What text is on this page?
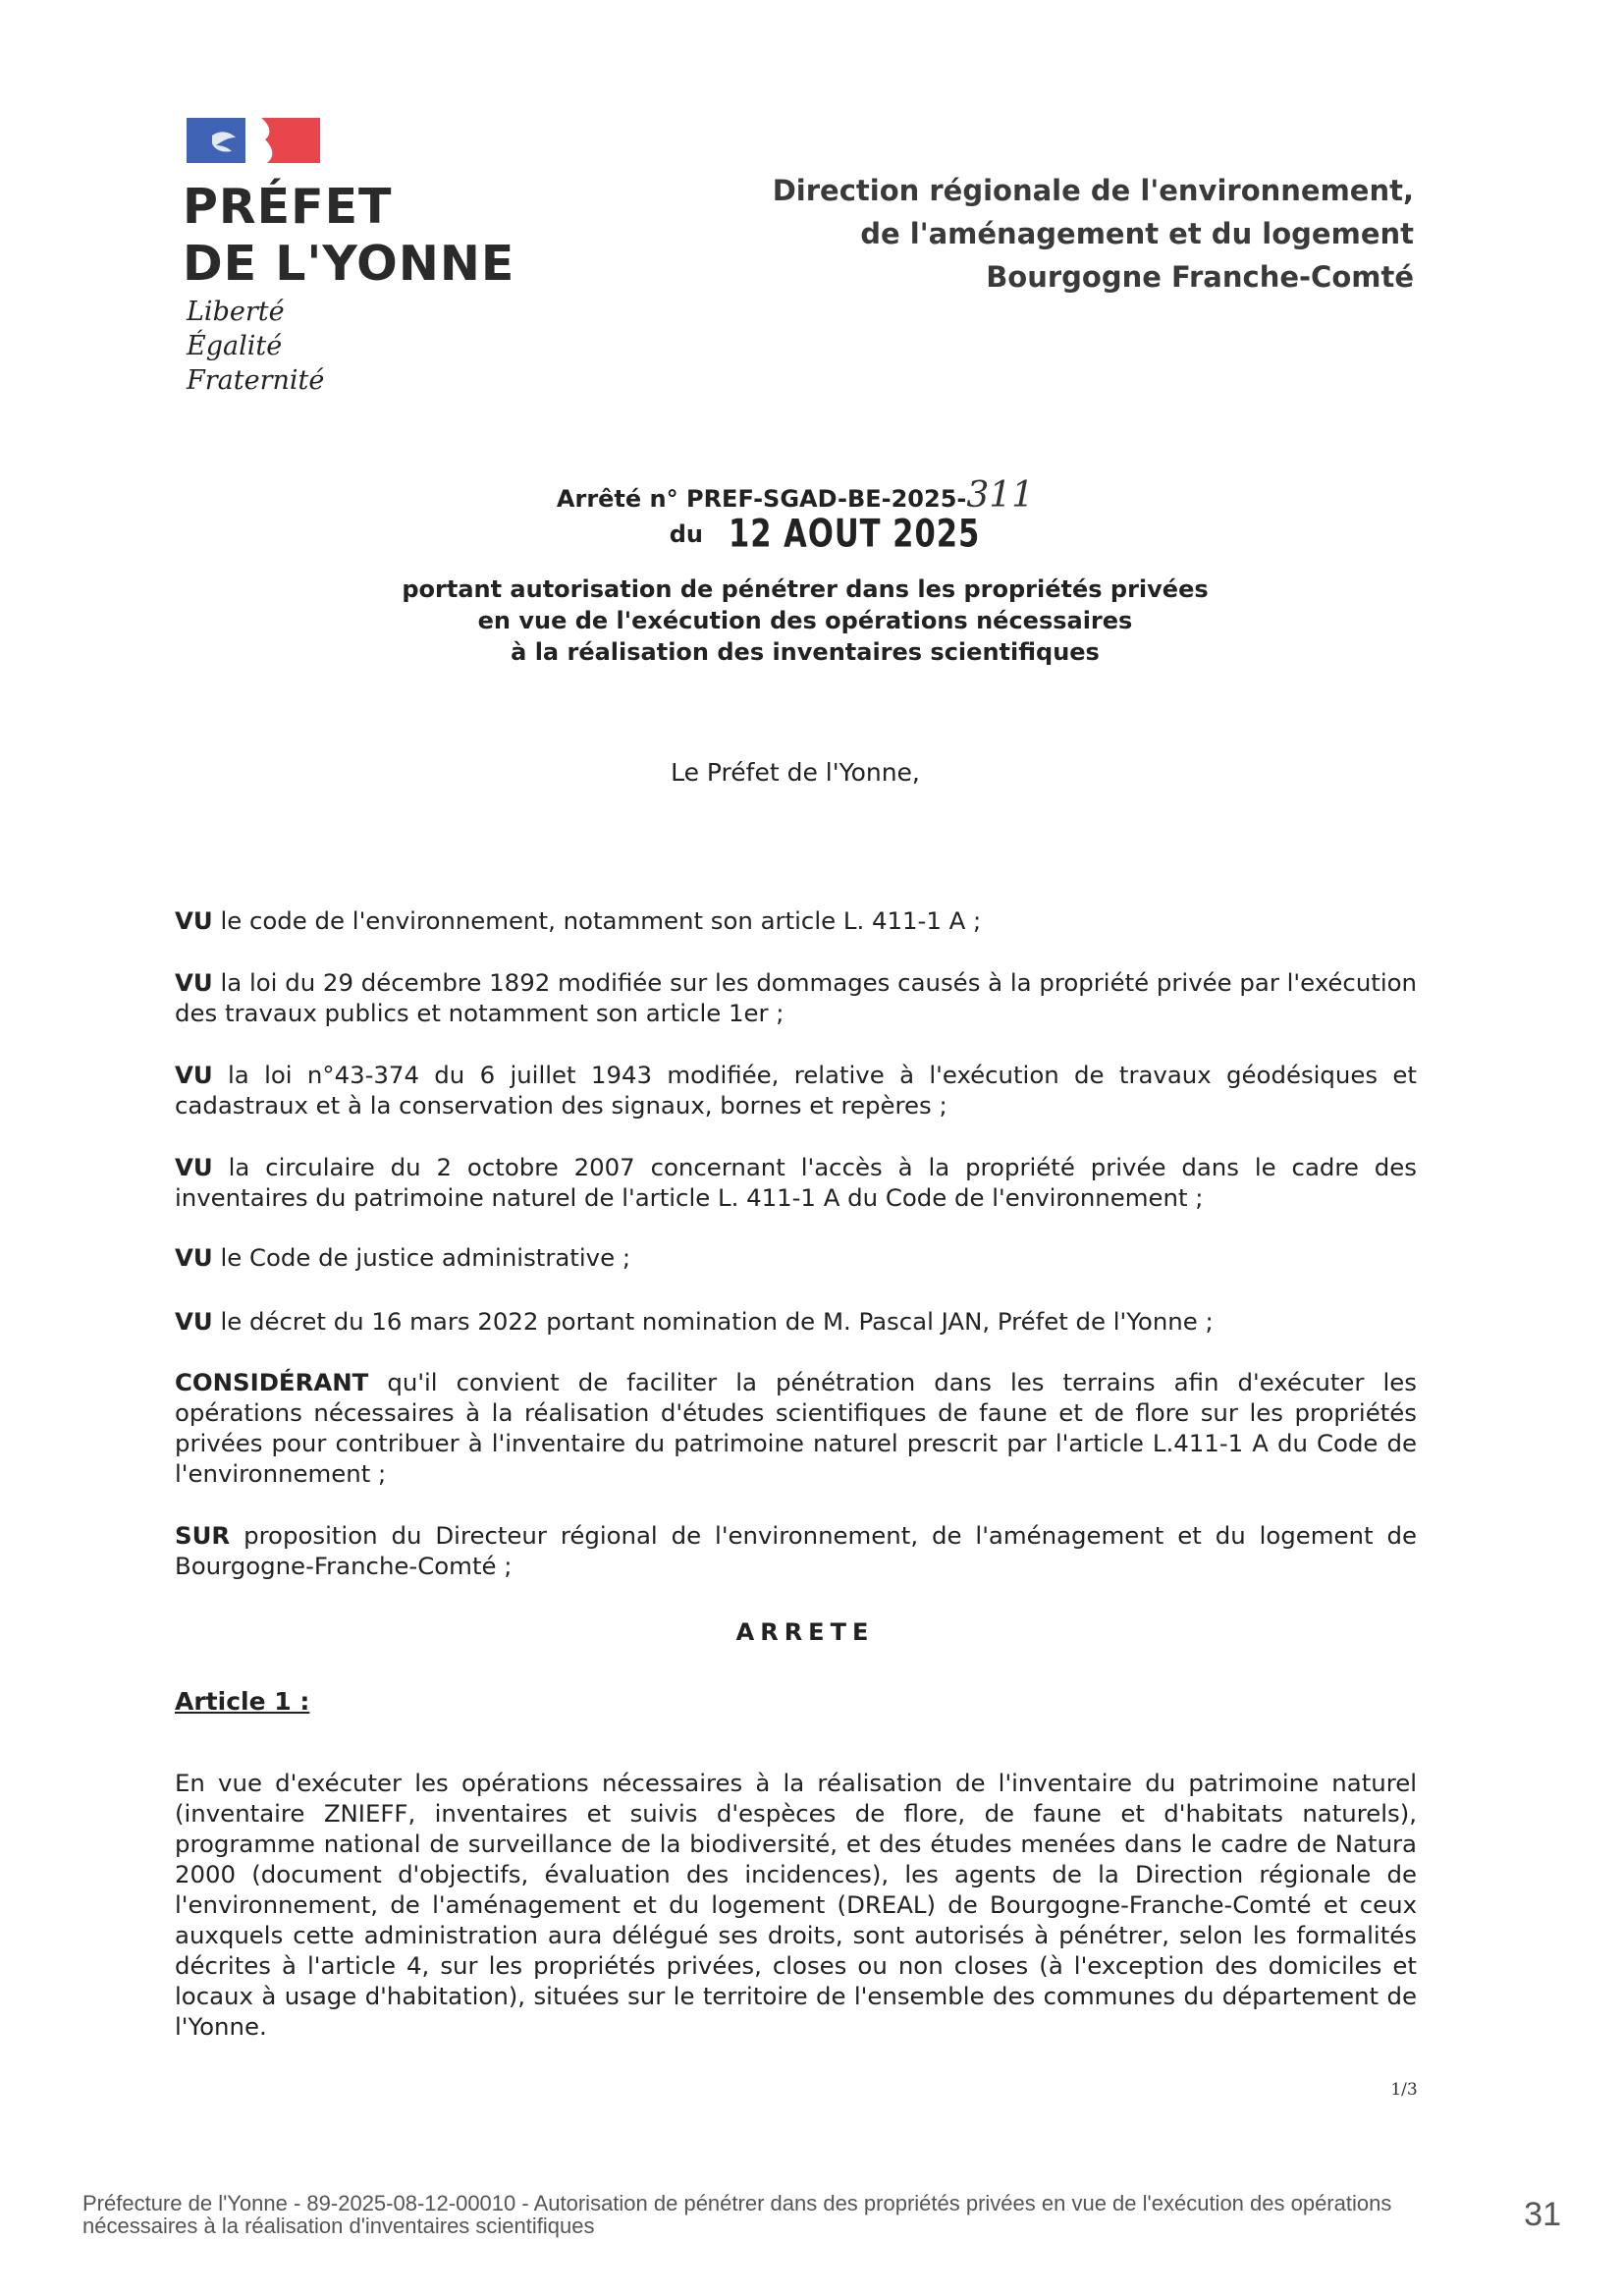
PRÉFET
DE L'YONNE
Liberté
Égalité
Fraternité
Direction régionale de l'environnement,
de l'aménagement et du logement
Bourgogne Franche-Comté
Arrêté n° PREF-SGAD-BE-2025-311
du 12 AOUT 2025
portant autorisation de pénétrer dans les propriétés privées
en vue de l'exécution des opérations nécessaires
à la réalisation des inventaires scientifiques
Le Préfet de l'Yonne,
VU le code de l'environnement, notamment son article L. 411-1 A ;
VU la loi du 29 décembre 1892 modifiée sur les dommages causés à la propriété privée par l'exécution des travaux publics et notamment son article 1er ;
VU la loi n°43-374 du 6 juillet 1943 modifiée, relative à l'exécution de travaux géodésiques et cadastraux et à la conservation des signaux, bornes et repères ;
VU la circulaire du 2 octobre 2007 concernant l'accès à la propriété privée dans le cadre des inventaires du patrimoine naturel de l'article L. 411-1 A du Code de l'environnement ;
VU le Code de justice administrative ;
VU le décret du 16 mars 2022 portant nomination de M. Pascal JAN, Préfet de l'Yonne ;
CONSIDÉRANT qu'il convient de faciliter la pénétration dans les terrains afin d'exécuter les opérations nécessaires à la réalisation d'études scientifiques de faune et de flore sur les propriétés privées pour contribuer à l'inventaire du patrimoine naturel prescrit par l'article L.411-1 A du Code de l'environnement ;
SUR proposition du Directeur régional de l'environnement, de l'aménagement et du logement de Bourgogne-Franche-Comté ;
ARRETE
Article 1 :
En vue d'exécuter les opérations nécessaires à la réalisation de l'inventaire du patrimoine naturel (inventaire ZNIEFF, inventaires et suivis d'espèces de flore, de faune et d'habitats naturels), programme national de surveillance de la biodiversité, et des études menées dans le cadre de Natura 2000 (document d'objectifs, évaluation des incidences), les agents de la Direction régionale de l'environnement, de l'aménagement et du logement (DREAL) de Bourgogne-Franche-Comté et ceux auxquels cette administration aura délégué ses droits, sont autorisés à pénétrer, selon les formalités décrites à l'article 4, sur les propriétés privées, closes ou non closes (à l'exception des domiciles et locaux à usage d'habitation), situées sur le territoire de l'ensemble des communes du département de l'Yonne.
1/3
Préfecture de l'Yonne - 89-2025-08-12-00010 - Autorisation de pénétrer dans des propriétés privées en vue de l'exécution des opérations nécessaires à la réalisation d'inventaires scientifiques	31
